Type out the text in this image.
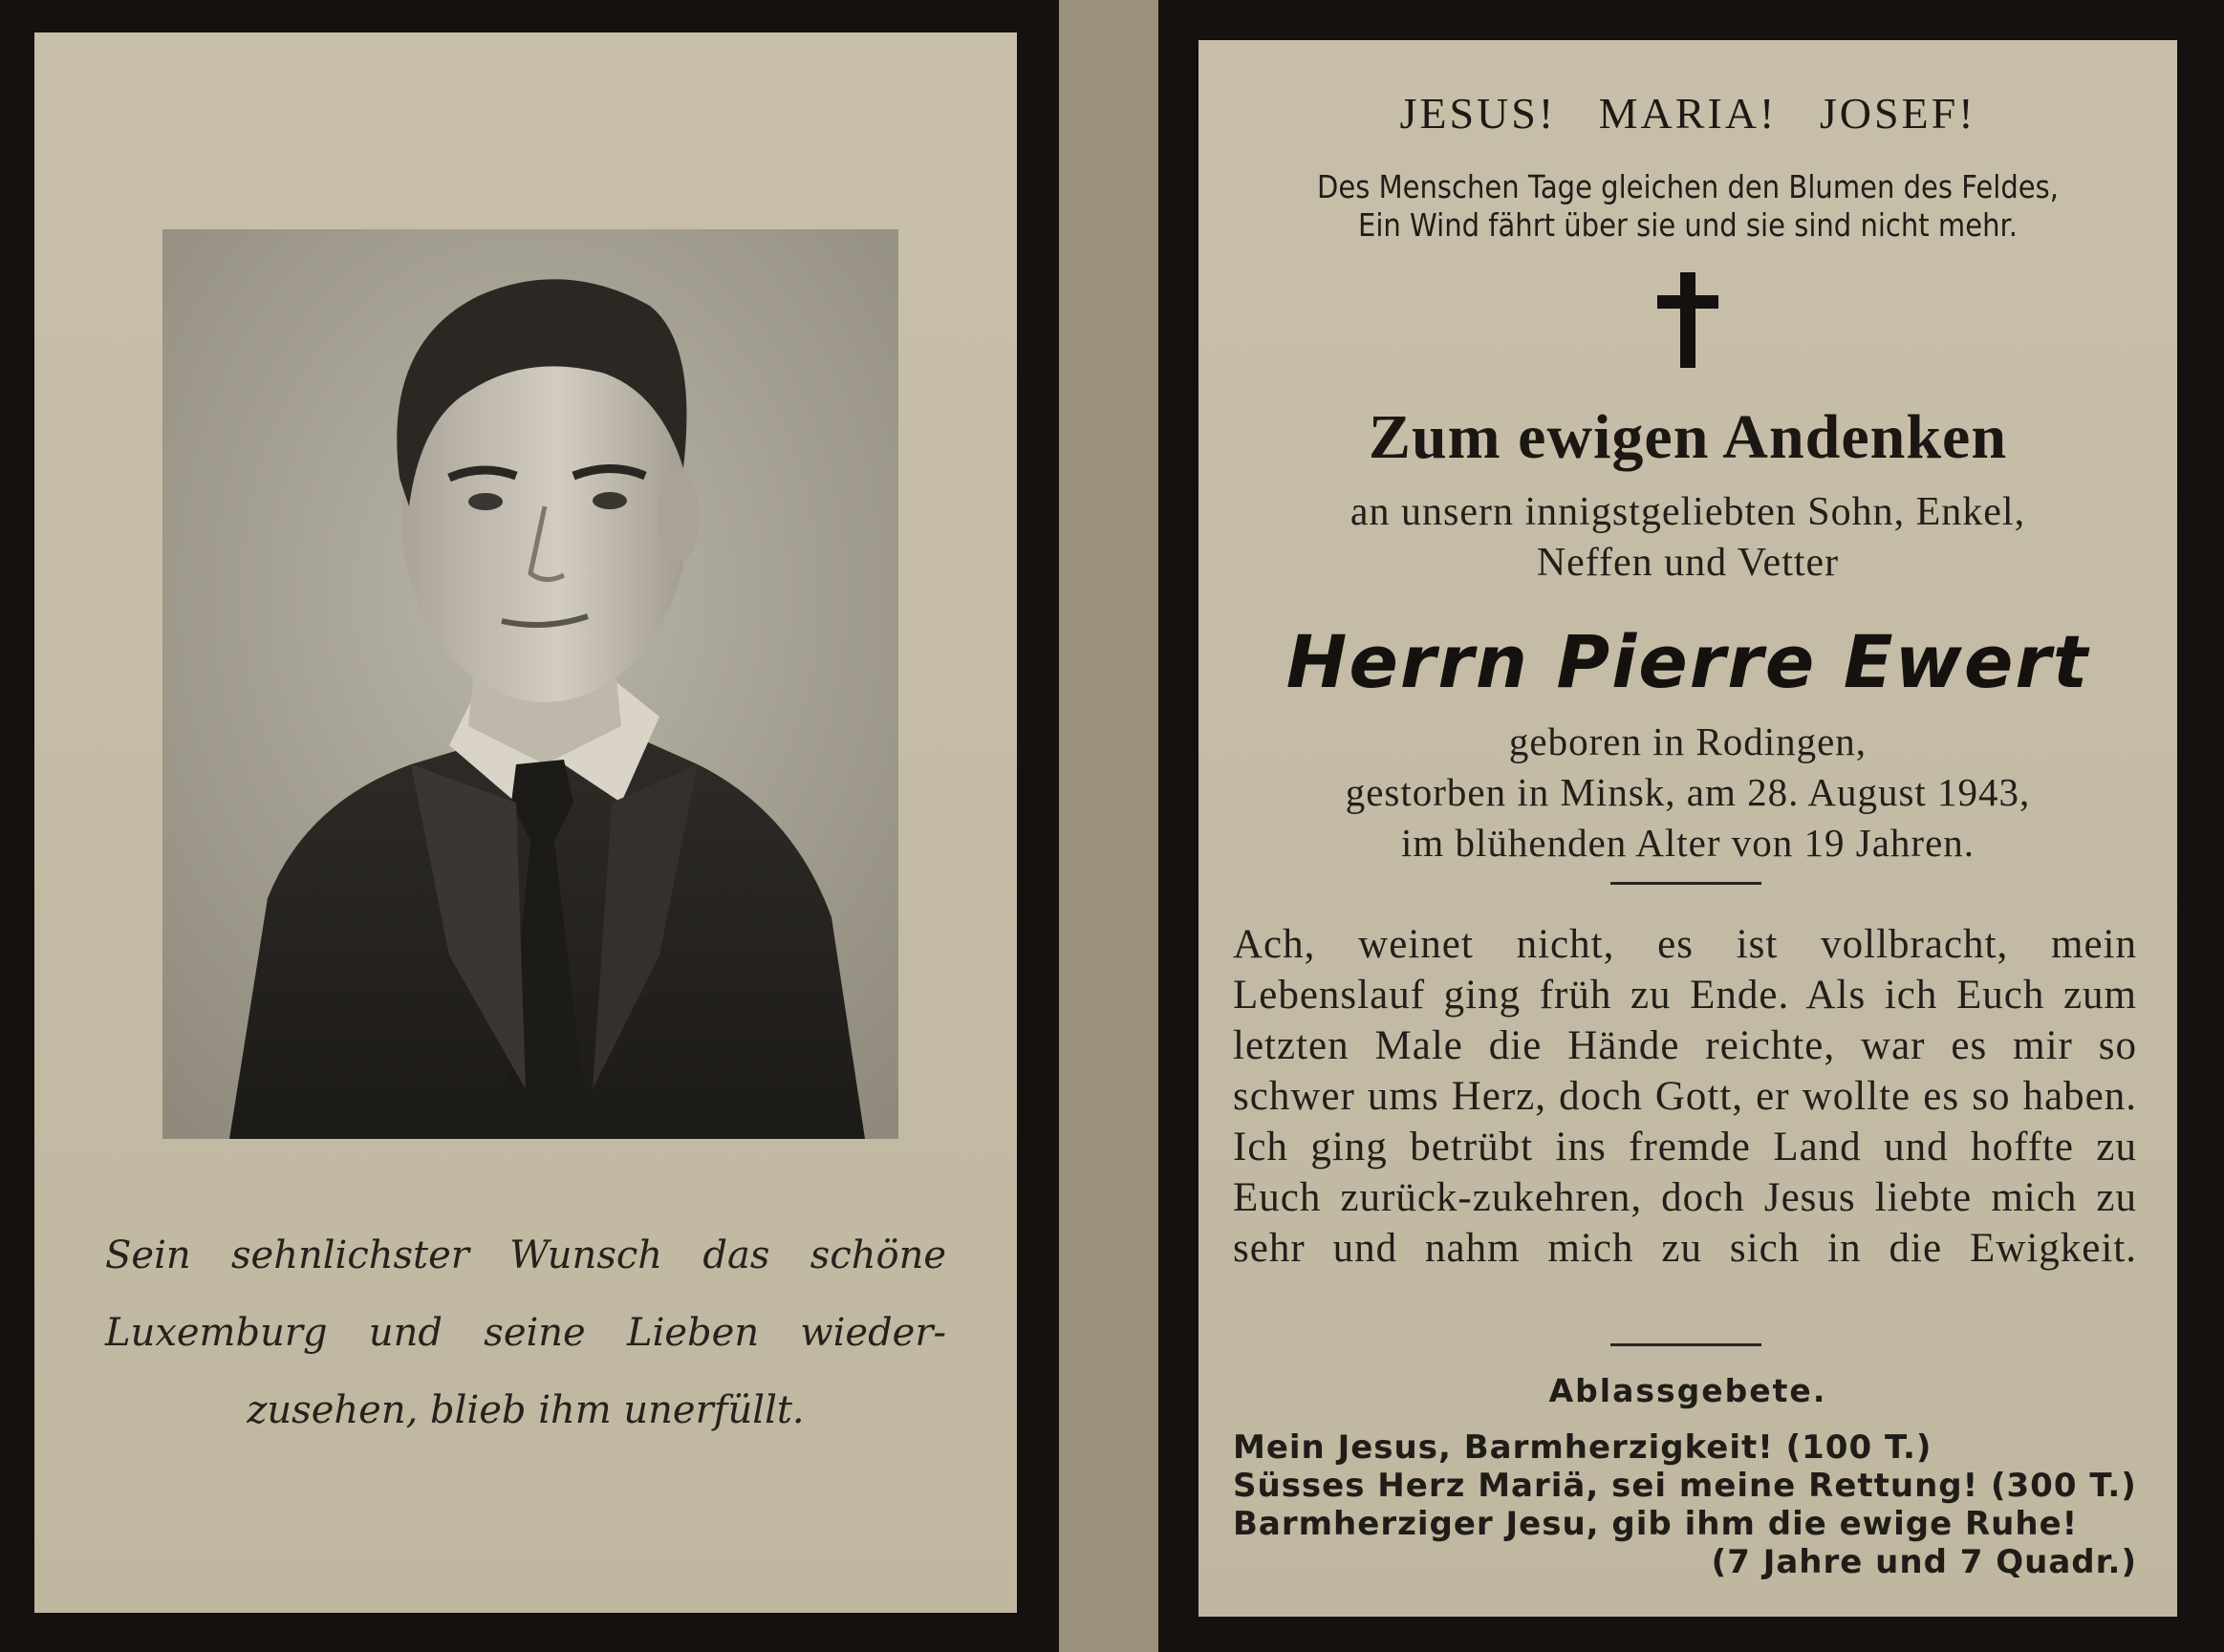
Sein sehnlichster Wunsch das schöne Luxemburg und seine Lieben wieder-zusehen, blieb ihm unerfüllt.
JESUS! MARIA! JOSEF!
Des Menschen Tage gleichen den Blumen des Feldes,
Ein Wind fährt über sie und sie sind nicht mehr.
Zum ewigen Andenken
an unsern innigstgeliebten Sohn, Enkel,
Neffen und Vetter
Herrn Pierre Ewert
geboren in Rodingen,
gestorben in Minsk, am 28. August 1943,
im blühenden Alter von 19 Jahren.
Ach, weinet nicht, es ist vollbracht, mein Lebenslauf ging früh zu Ende. Als ich Euch zum letzten Male die Hände reichte, war es mir so schwer ums Herz, doch Gott, er wollte es so haben. Ich ging betrübt ins fremde Land und hoffte zu Euch zurück-zukehren, doch Jesus liebte mich zu sehr und nahm mich zu sich in die Ewigkeit.
Ablassgebete.
Mein Jesus, Barmherzigkeit! (100 T.)
Süsses Herz Mariä, sei meine Rettung! (300 T.)
Barmherziger Jesu, gib ihm die ewige Ruhe!
(7 Jahre und 7 Quadr.)
